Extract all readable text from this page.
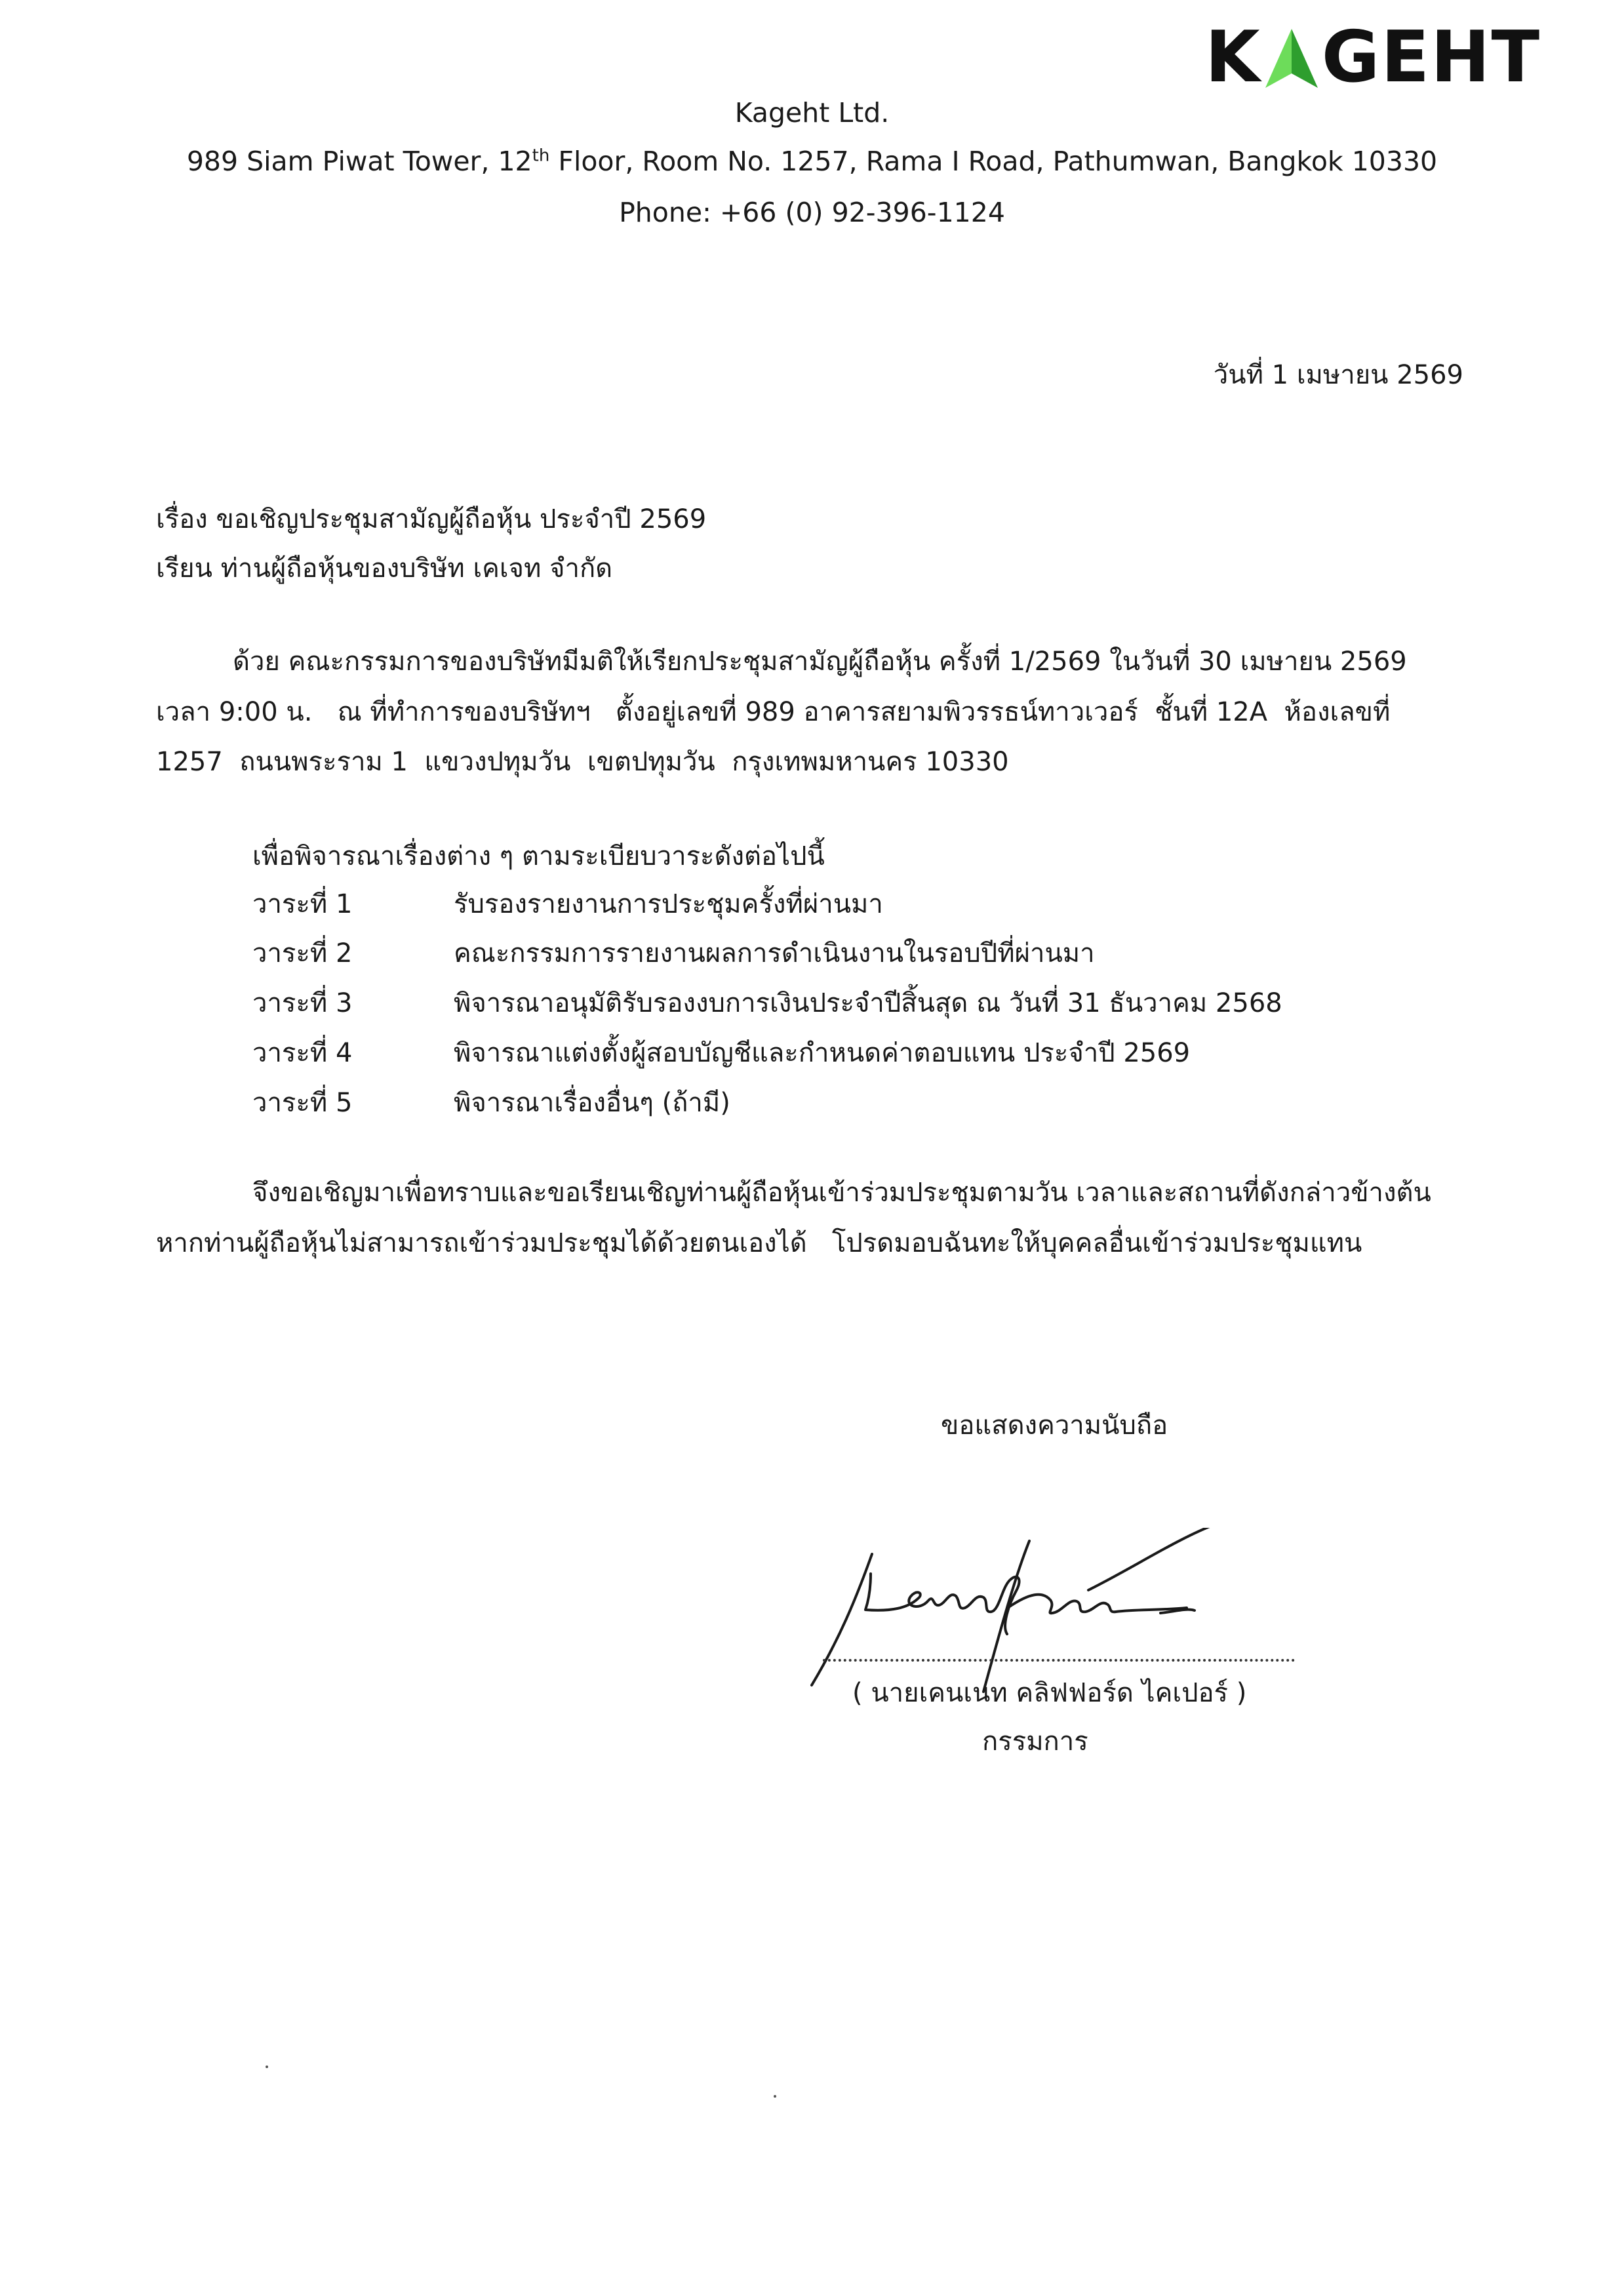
K GEHT
Kageht Ltd.
989 Siam Piwat Tower, 12th Floor, Room No. 1257, Rama I Road, Pathumwan, Bangkok 10330
Phone: +66 (0) 92-396-1124
วันที่ 1 เมษายน 2569
เรื่อง ขอเชิญประชุมสามัญผู้ถือหุ้น ประจำปี 2569
เรียน ท่านผู้ถือหุ้นของบริษัท เคเจท จำกัด
ด้วย คณะกรรมการของบริษัทมีมติให้เรียกประชุมสามัญผู้ถือหุ้น ครั้งที่ 1/2569 ในวันที่ 30 เมษายน 2569
เวลา 9:00 น.   ณ ที่ทำการของบริษัทฯ   ตั้งอยู่เลขที่ 989 อาคารสยามพิวรรธน์ทาวเวอร์  ชั้นที่ 12A  ห้องเลขที่
1257  ถนนพระราม 1  แขวงปทุมวัน  เขตปทุมวัน  กรุงเทพมหานคร 10330
เพื่อพิจารณาเรื่องต่าง ๆ ตามระเบียบวาระดังต่อไปนี้
วาระที่ 1	รับรองรายงานการประชุมครั้งที่ผ่านมา
วาระที่ 2	คณะกรรมการรายงานผลการดำเนินงานในรอบปีที่ผ่านมา
วาระที่ 3	พิจารณาอนุมัติรับรองงบการเงินประจำปีสิ้นสุด ณ วันที่ 31 ธันวาคม 2568
วาระที่ 4	พิจารณาแต่งตั้งผู้สอบบัญชีและกำหนดค่าตอบแทน ประจำปี 2569
วาระที่ 5	พิจารณาเรื่องอื่นๆ (ถ้ามี)
จึงขอเชิญมาเพื่อทราบและขอเรียนเชิญท่านผู้ถือหุ้นเข้าร่วมประชุมตามวัน เวลาและสถานที่ดังกล่าวข้างต้น
หากท่านผู้ถือหุ้นไม่สามารถเข้าร่วมประชุมได้ด้วยตนเองได้   โปรดมอบฉันทะให้บุคคลอื่นเข้าร่วมประชุมแทน
ขอแสดงความนับถือ
( นายเคนเนท คลิฟฟอร์ด ไคเปอร์ )
กรรมการ
